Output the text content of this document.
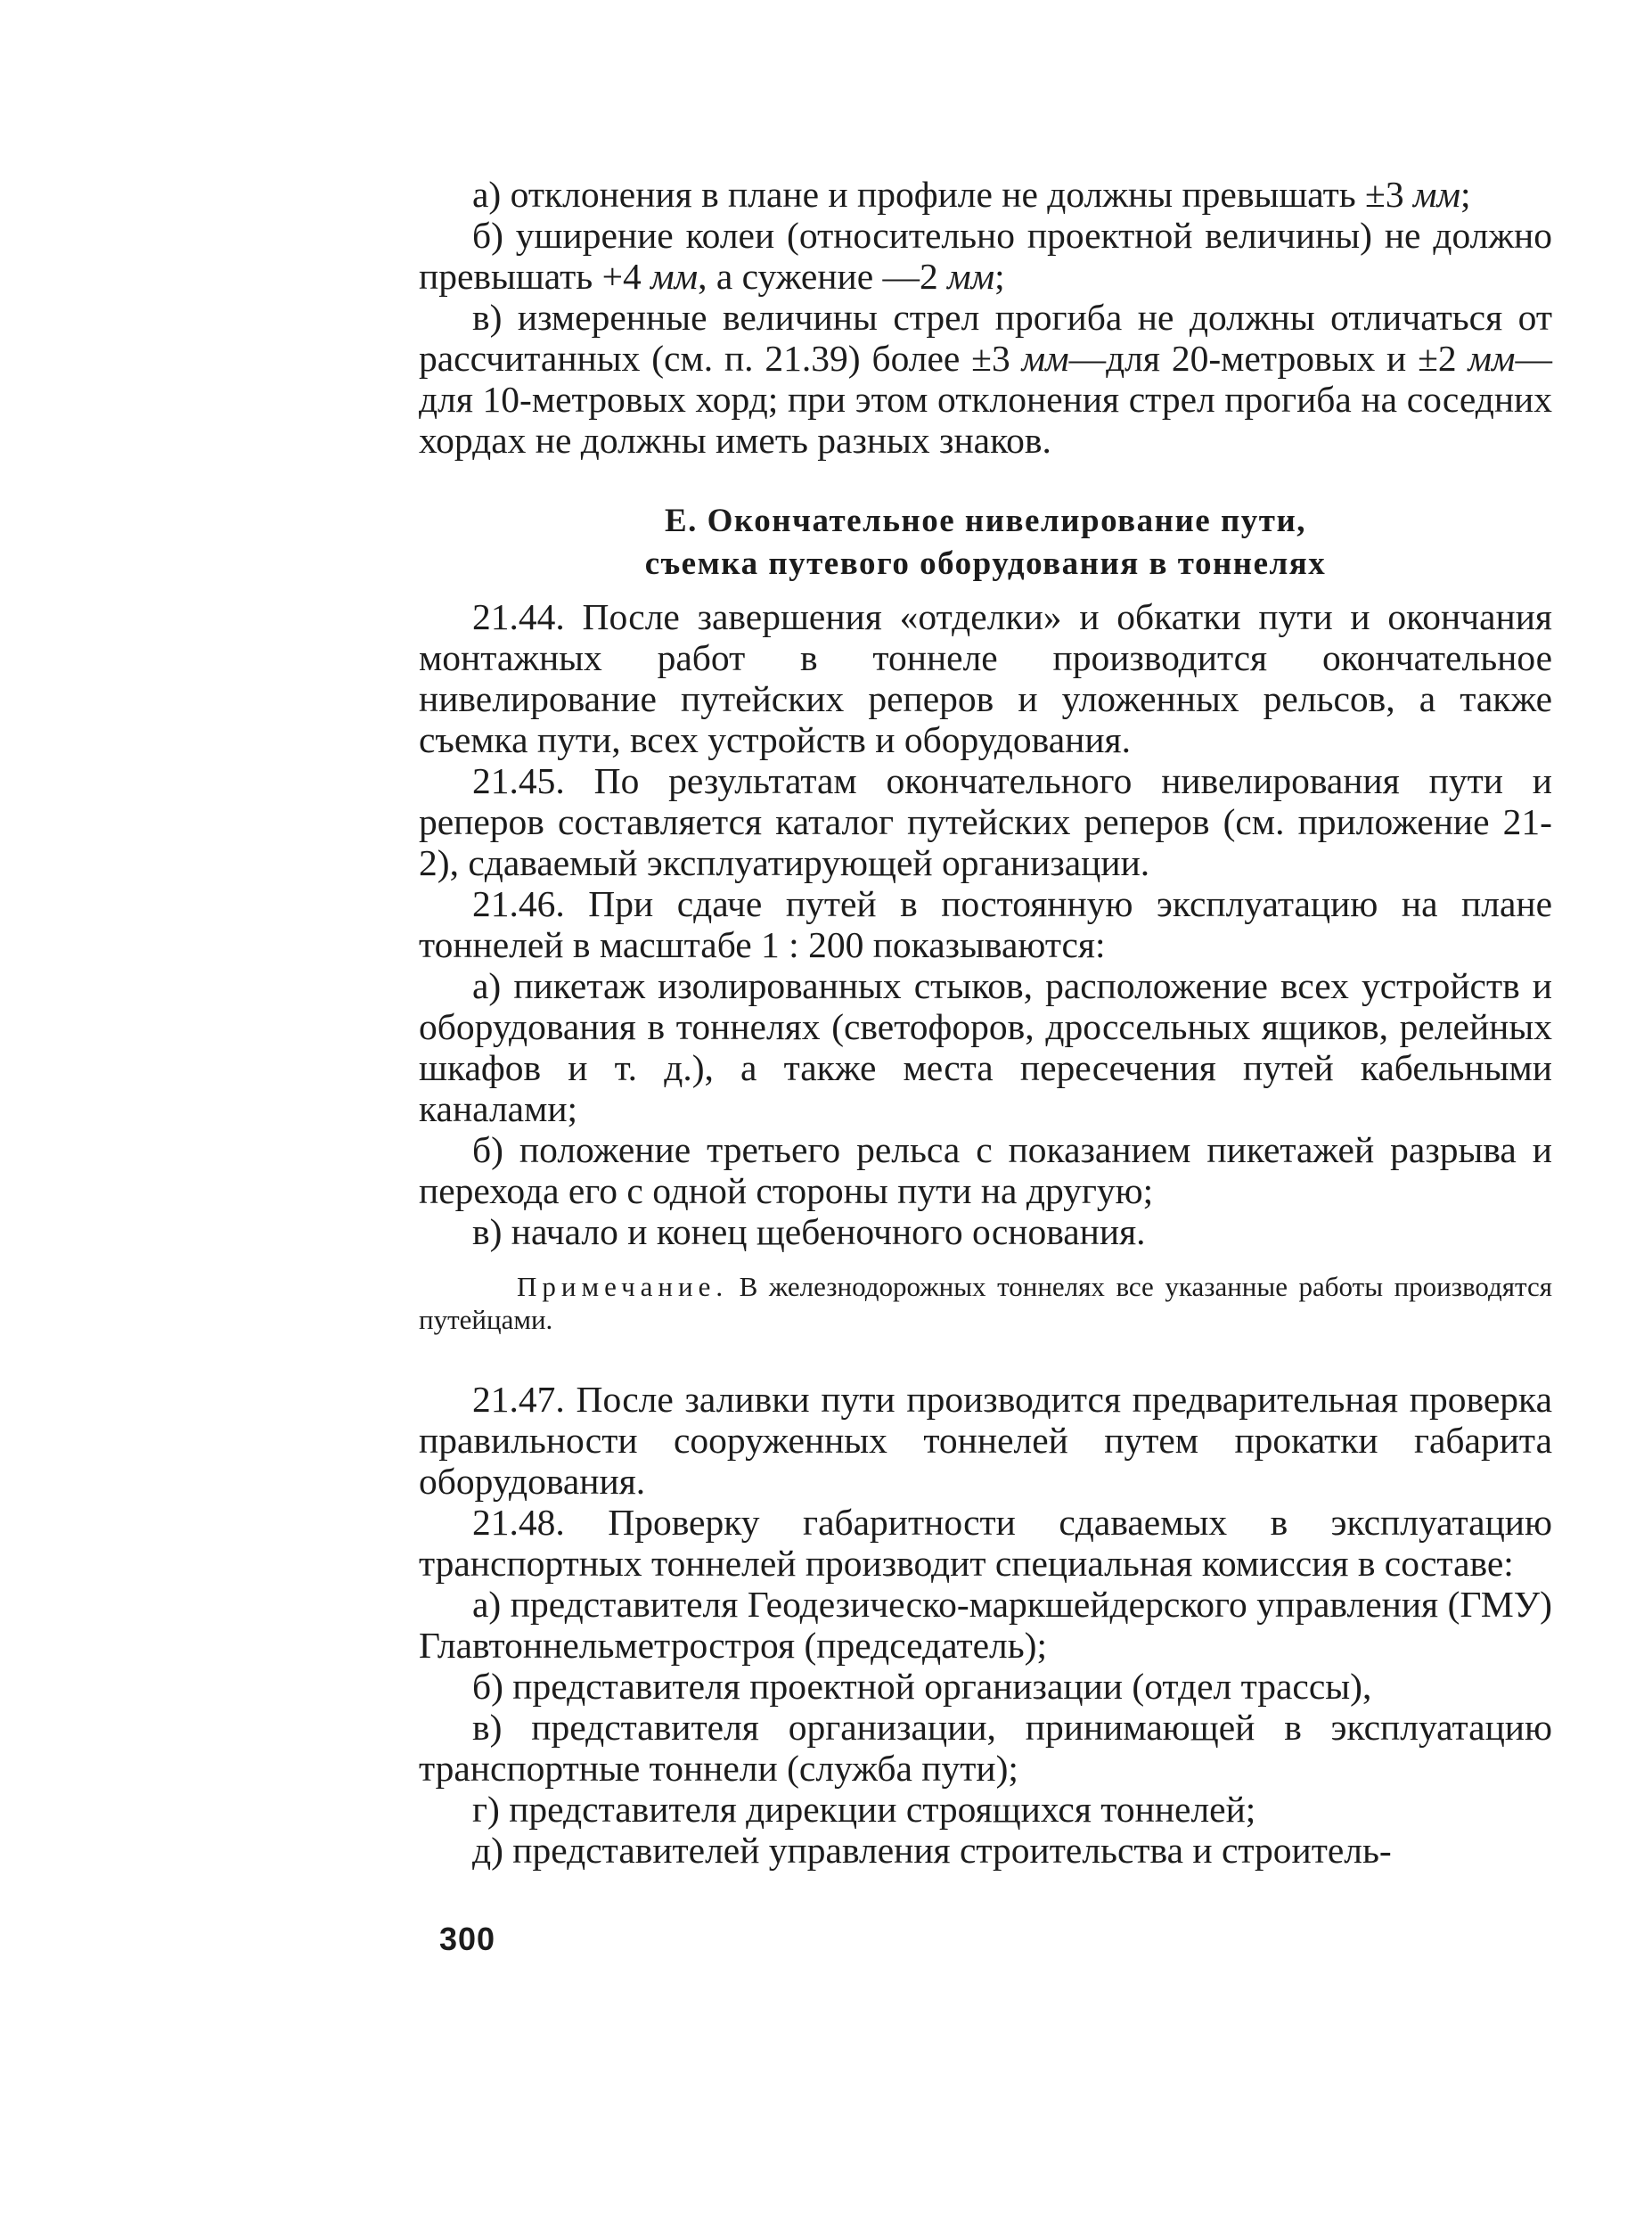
а) отклонения в плане и профиле не должны превышать ±3 мм;

б) уширение колеи (относительно проектной величины) не должно превышать +4 мм, а сужение —2 мм;

в) измеренные величины стрел прогиба не должны отличаться от рассчитанных (см. п. 21.39) более ±3 мм—для 20-метровых и ±2 мм—для 10-метровых хорд; при этом отклонения стрел прогиба на соседних хордах не должны иметь разных знаков.

Е. Окончательное нивелирование пути,
съемка путевого оборудования в тоннелях

21.44. После завершения «отделки» и обкатки пути и окончания монтажных работ в тоннеле производится окончательное нивелирование путейских реперов и уложенных рельсов, а также съемка пути, всех устройств и оборудования.

21.45. По результатам окончательного нивелирования пути и реперов составляется каталог путейских реперов (см. приложение 21-2), сдаваемый эксплуатирующей организации.

21.46. При сдаче путей в постоянную эксплуатацию на плане тоннелей в масштабе 1 : 200 показываются:

а) пикетаж изолированных стыков, расположение всех устройств и оборудования в тоннелях (светофоров, дроссельных ящиков, релейных шкафов и т. д.), а также места пересечения путей кабельными каналами;

б) положение третьего рельса с показанием пикетажей разрыва и перехода его с одной стороны пути на другую;

в) начало и конец щебеночного основания.

Примечание. В железнодорожных тоннелях все указанные работы производятся путейцами.

21.47. После заливки пути производится предварительная проверка правильности сооруженных тоннелей путем прокатки габарита оборудования.

21.48. Проверку габаритности сдаваемых в эксплуатацию транспортных тоннелей производит специальная комиссия в составе:

а) представителя Геодезическо-маркшейдерского управления (ГМУ) Главтоннельметростроя (председатель);

б) представителя проектной организации (отдел трассы),

в) представителя организации, принимающей в эксплуатацию транспортные тоннели (служба пути);

г) представителя дирекции строящихся тоннелей;

д) представителей управления строительства и строитель-

300
